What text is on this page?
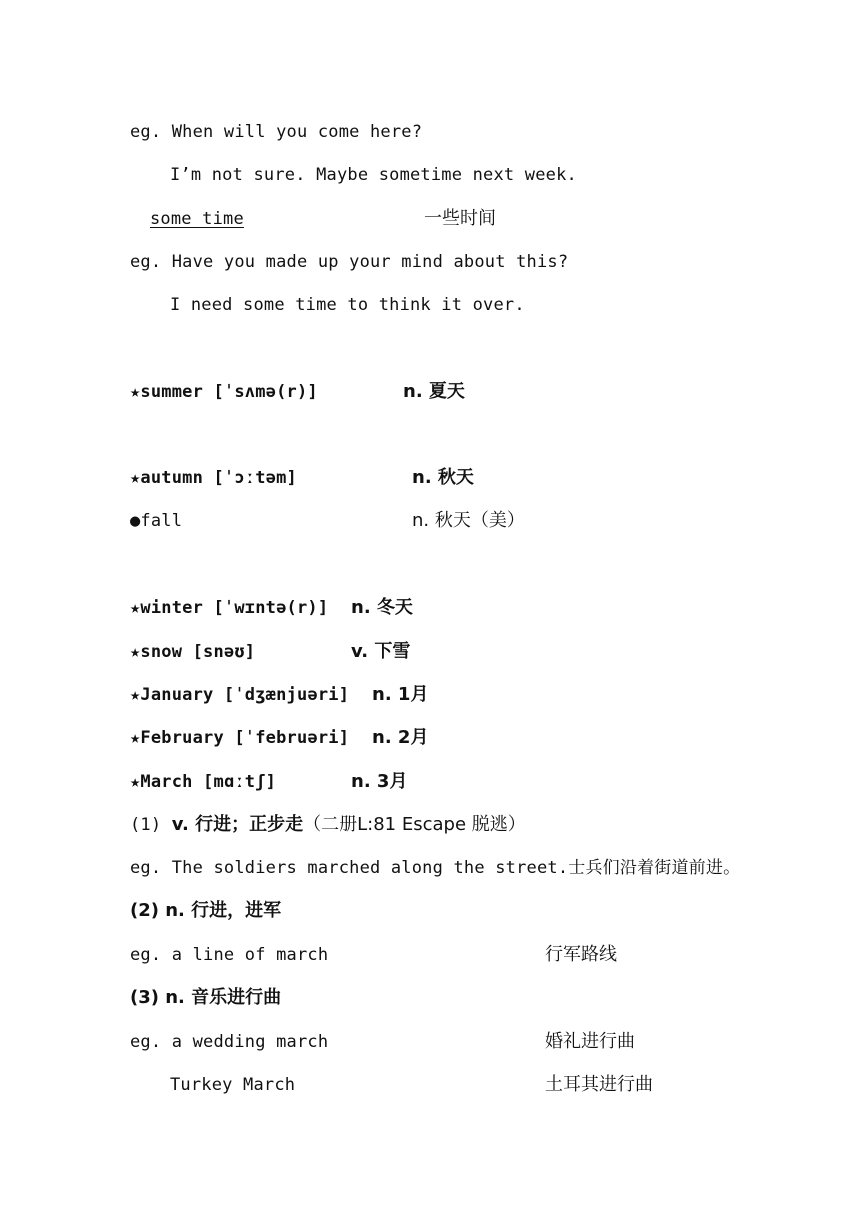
eg. When will you come here?
I’m not sure. Maybe sometime next week.
some time	一些时间
eg. Have you made up your mind about this?
I need some time to think it over.
★summer [ˈsʌmə(r)]	n. 夏天
★autumn [ˈɔːtəm]	n. 秋天
●fall	n. 秋天（美）
★winter [ˈwɪntə(r)] n. 冬天
★snow [snəʊ]	v. 下雪
★January [ˈdʒænjuəri] n. 1月
★February [ˈfebruəri] n. 2月
★March [mɑːtʃ]	n. 3月
(1) v. 行进；正步走（二册L:81 Escape 脱逃）
eg. The soldiers marched along the street.士兵们沿着街道前进。
(2) n. 行进，进军
eg. a line of march	行军路线
(3) n. 音乐进行曲
eg. a wedding march	婚礼进行曲
Turkey March	土耳其进行曲
